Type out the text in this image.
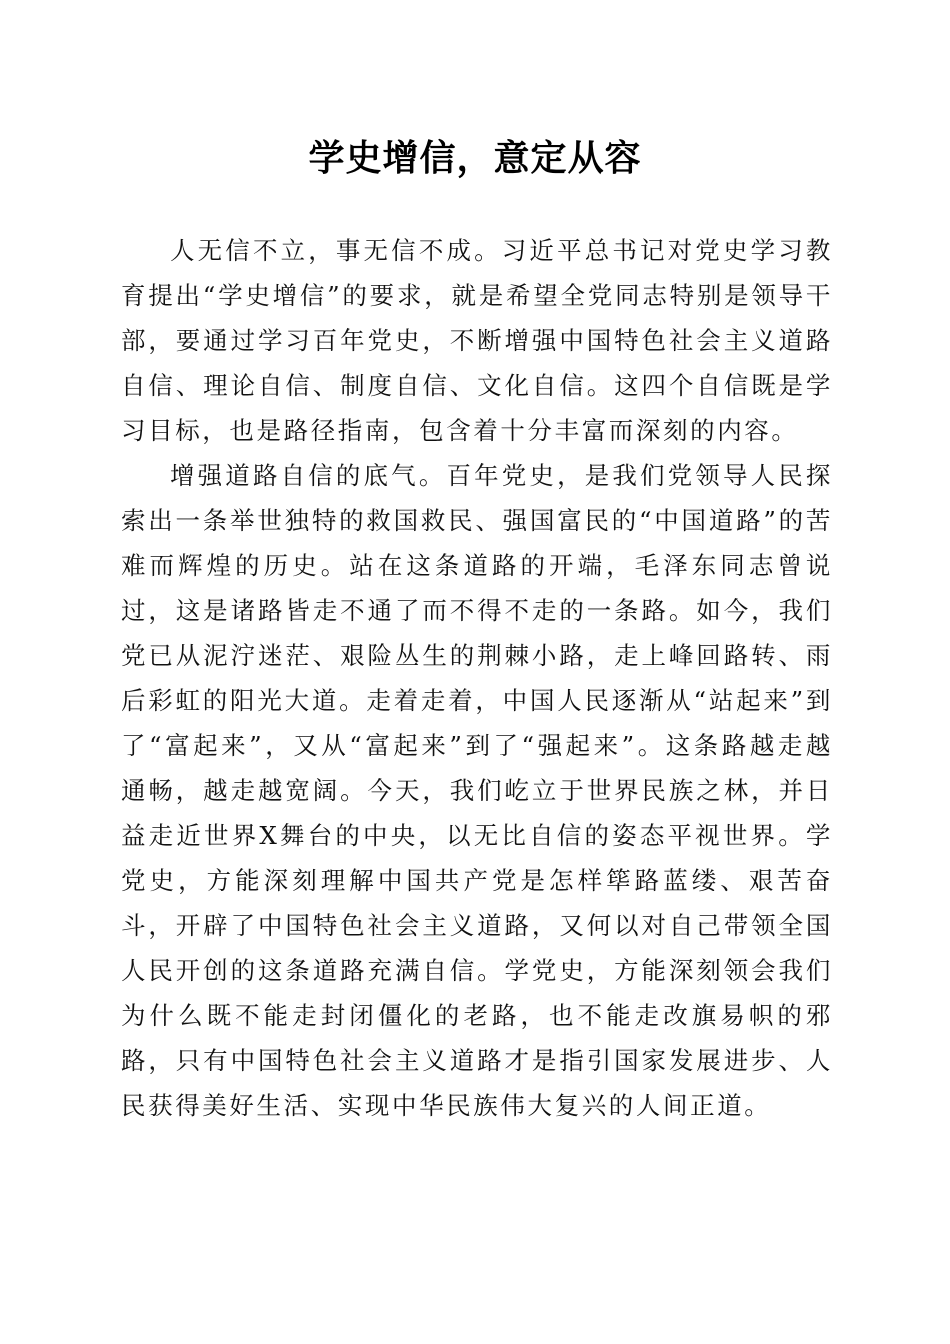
学史增信，意定从容

人无信不立，事无信不成。习近平总书记对党史学习教育提出“学史增信”的要求，就是希望全党同志特别是领导干部，要通过学习百年党史，不断增强中国特色社会主义道路自信、理论自信、制度自信、文化自信。这四个自信既是学习目标，也是路径指南，包含着十分丰富而深刻的内容。

增强道路自信的底气。百年党史，是我们党领导人民探索出一条举世独特的救国救民、强国富民的“中国道路”的苦难而辉煌的历史。站在这条道路的开端，毛泽东同志曾说过，这是诸路皆走不通了而不得不走的一条路。如今，我们党已从泥泞迷茫、艰险丛生的荆棘小路，走上峰回路转、雨后彩虹的阳光大道。走着走着，中国人民逐渐从“站起来”到了“富起来”，又从“富起来”到了“强起来”。这条路越走越通畅，越走越宽阔。今天，我们屹立于世界民族之林，并日益走近世界X舞台的中央，以无比自信的姿态平视世界。学党史，方能深刻理解中国共产党是怎样筚路蓝缕、艰苦奋斗，开辟了中国特色社会主义道路，又何以对自己带领全国人民开创的这条道路充满自信。学党史，方能深刻领会我们为什么既不能走封闭僵化的老路，也不能走改旗易帜的邪路，只有中国特色社会主义道路才是指引国家发展进步、人民获得美好生活、实现中华民族伟大复兴的人间正道。
